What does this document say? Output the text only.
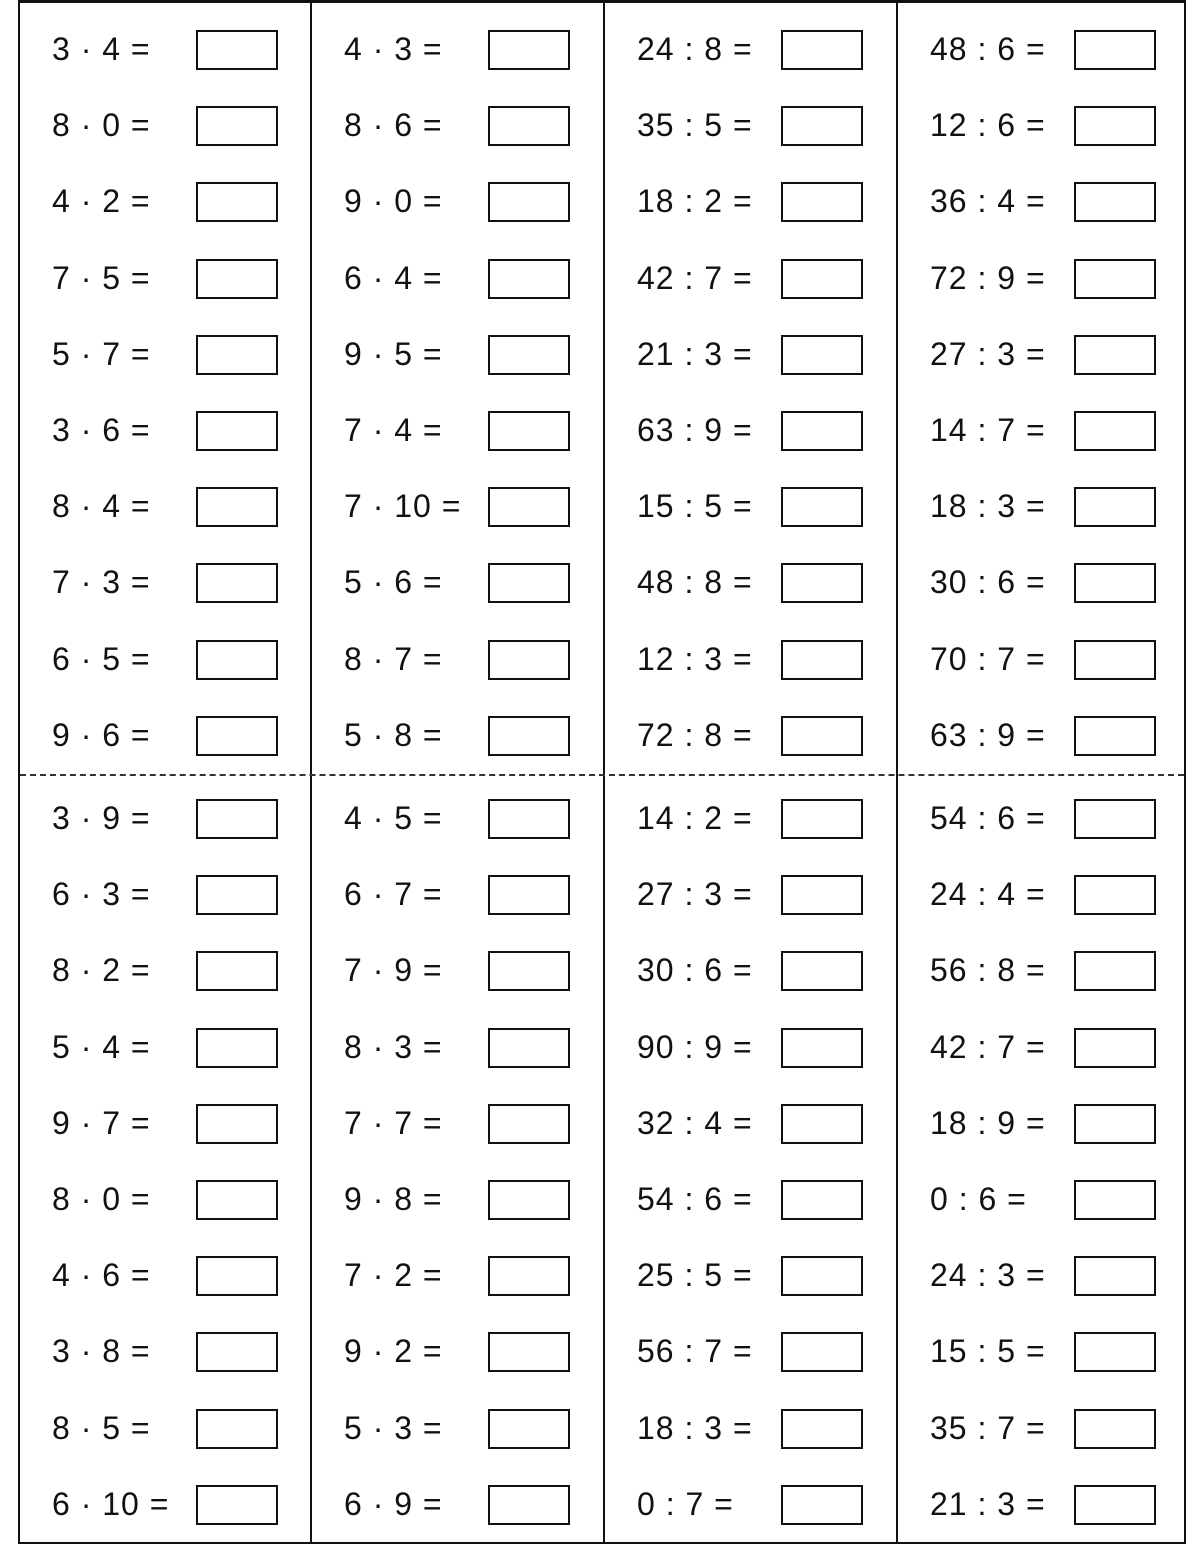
3 · 4 =
8 · 0 =
4 · 2 =
7 · 5 =
5 · 7 =
3 · 6 =
8 · 4 =
7 · 3 =
6 · 5 =
9 · 6 =
3 · 9 =
6 · 3 =
8 · 2 =
5 · 4 =
9 · 7 =
8 · 0 =
4 · 6 =
3 · 8 =
8 · 5 =
6 · 10 =
4 · 3 =
8 · 6 =
9 · 0 =
6 · 4 =
9 · 5 =
7 · 4 =
7 · 10 =
5 · 6 =
8 · 7 =
5 · 8 =
4 · 5 =
6 · 7 =
7 · 9 =
8 · 3 =
7 · 7 =
9 · 8 =
7 · 2 =
9 · 2 =
5 · 3 =
6 · 9 =
24 : 8 =
35 : 5 =
18 : 2 =
42 : 7 =
21 : 3 =
63 : 9 =
15 : 5 =
48 : 8 =
12 : 3 =
72 : 8 =
14 : 2 =
27 : 3 =
30 : 6 =
90 : 9 =
32 : 4 =
54 : 6 =
25 : 5 =
56 : 7 =
18 : 3 =
0 : 7 =
48 : 6 =
12 : 6 =
36 : 4 =
72 : 9 =
27 : 3 =
14 : 7 =
18 : 3 =
30 : 6 =
70 : 7 =
63 : 9 =
54 : 6 =
24 : 4 =
56 : 8 =
42 : 7 =
18 : 9 =
0 : 6 =
24 : 3 =
15 : 5 =
35 : 7 =
21 : 3 =
